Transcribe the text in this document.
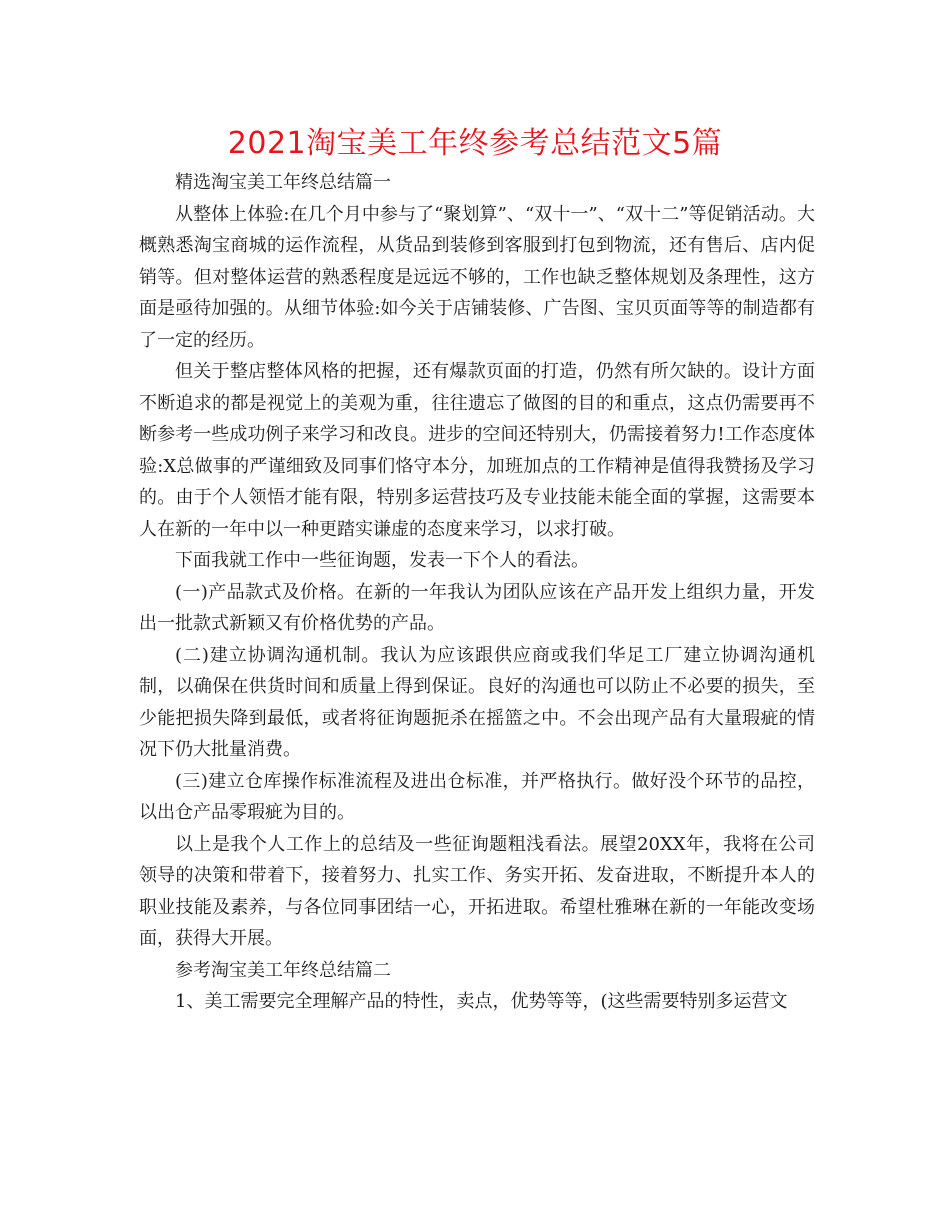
2021淘宝美工年终参考总结范文5篇

精选淘宝美工年终总结篇一

从整体上体验:在几个月中参与了“聚划算”、“双十一”、“双十二”等促销活动。大概熟悉淘宝商城的运作流程，从货品到装修到客服到打包到物流，还有售后、店内促销等。但对整体运营的熟悉程度是远远不够的，工作也缺乏整体规划及条理性，这方面是亟待加强的。从细节体验:如今关于店铺装修、广告图、宝贝页面等等的制造都有了一定的经历。

但关于整店整体风格的把握，还有爆款页面的打造，仍然有所欠缺的。设计方面不断追求的都是视觉上的美观为重，往往遗忘了做图的目的和重点，这点仍需要再不断参考一些成功例子来学习和改良。进步的空间还特别大，仍需接着努力!工作态度体验:X总做事的严谨细致及同事们恪守本分，加班加点的工作精神是值得我赞扬及学习的。由于个人领悟才能有限，特别多运营技巧及专业技能未能全面的掌握，这需要本人在新的一年中以一种更踏实谦虚的态度来学习，以求打破。

下面我就工作中一些征询题，发表一下个人的看法。

(一)产品款式及价格。在新的一年我认为团队应该在产品开发上组织力量，开发出一批款式新颖又有价格优势的产品。

(二)建立协调沟通机制。我认为应该跟供应商或我们华足工厂建立协调沟通机制，以确保在供货时间和质量上得到保证。良好的沟通也可以防止不必要的损失，至少能把损失降到最低，或者将征询题扼杀在摇篮之中。不会出现产品有大量瑕疵的情况下仍大批量消费。

(三)建立仓库操作标准流程及进出仓标准，并严格执行。做好没个环节的品控，以出仓产品零瑕疵为目的。

以上是我个人工作上的总结及一些征询题粗浅看法。展望20XX年，我将在公司领导的决策和带着下，接着努力、扎实工作、务实开拓、发奋进取，不断提升本人的职业技能及素养，与各位同事团结一心，开拓进取。希望杜雅琳在新的一年能改变场面，获得大开展。

参考淘宝美工年终总结篇二

1、美工需要完全理解产品的特性，卖点，优势等等，(这些需要特别多运营文
